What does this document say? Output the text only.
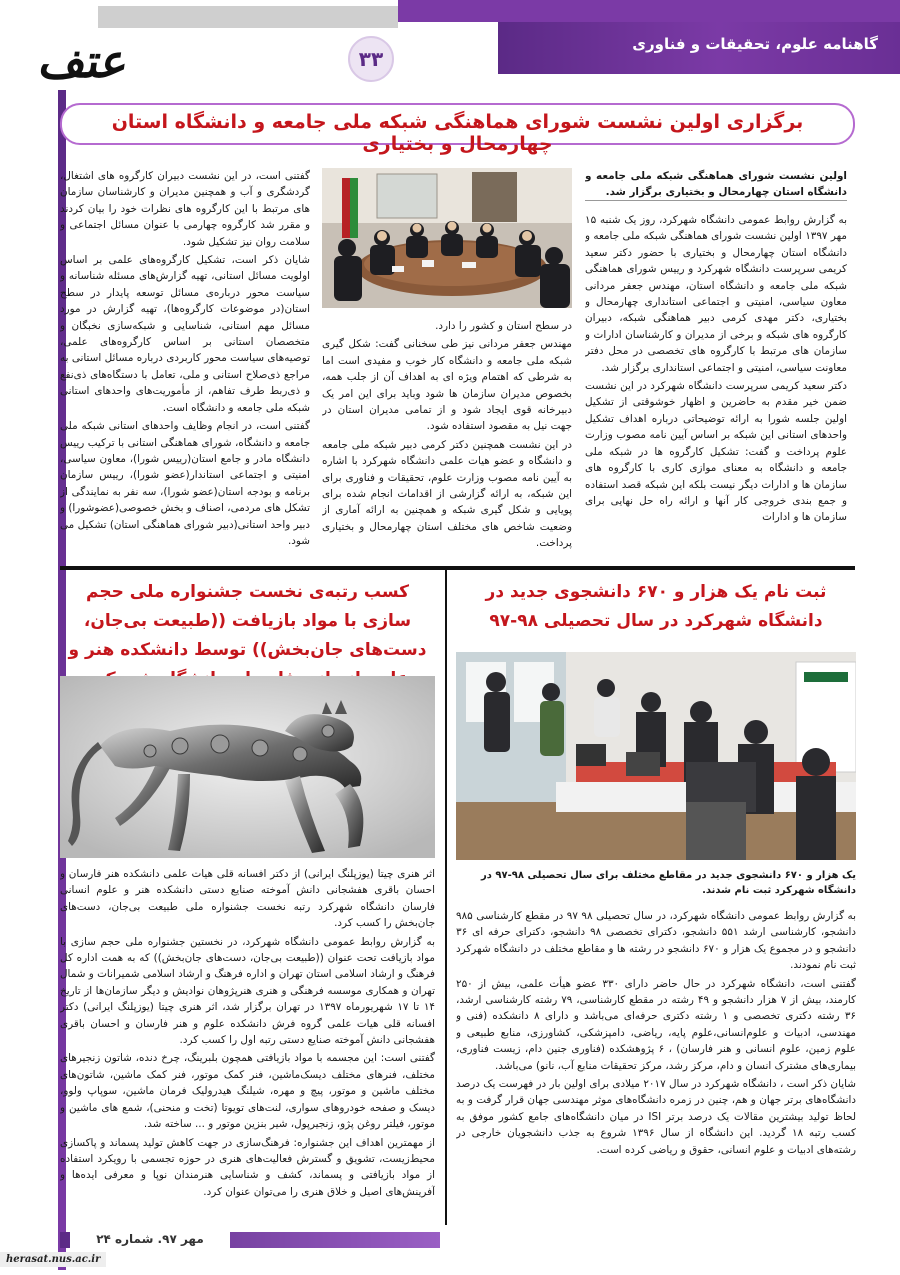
گاهنامه علوم، تحقیقات و فناوری
۳۳
عتف
برگزاری اولین نشست شورای هماهنگی شبکه ملی جامعه و دانشگاه استان چهارمحال و بختیاری
اولین نشست شورای هماهنگی شبکه ملی جامعه و دانشگاه استان چهارمحال و بختیاری برگزار شد.

به گزارش روابط عمومی دانشگاه شهرکرد، روز یک شنبه ۱۵ مهر ۱۳۹۷ اولین نشست شورای هماهنگی شبکه ملی جامعه و دانشگاه استان چهارمحال و بختیاری با حضور دکتر سعید کریمی سرپرست دانشگاه شهرکرد و رییس شورای هماهنگی شبکه ملی جامعه و دانشگاه استان، مهندس جعفر مردانی معاون سیاسی، امنیتی و اجتماعی استانداری چهارمحال و بختیاری، دکتر مهدی کرمی دبیر هماهنگی شبکه، دبیران کارگروه های شبکه و برخی از مدیران و کارشناسان ادارات و سازمان های مرتبط با کارگروه های تخصصی در محل دفتر معاونت سیاسی، امنیتی و اجتماعی استانداری برگزار شد.

دکتر سعید کریمی سرپرست دانشگاه شهرکرد در این نشست ضمن خیر مقدم به حاضرین و اظهار خوشوقتی از تشکیل اولین جلسه شورا به ارائه توضیحاتی درباره اهداف تشکیل واحدهای استانی این شبکه بر اساس آیین نامه مصوب وزارت علوم پرداخت و گفت: تشکیل کارگروه ها در شبکه ملی جامعه و دانشگاه به معنای موازی کاری با کارگروه های سازمان ها و ادارات دیگر نیست بلکه این شبکه قصد استفاده و جمع بندی خروجی کار آنها و ارائه راه حل نهایی برای سازمان ها و ادارات

در سطح استان و کشور را دارد.

مهندس جعفر مردانی نیز طی سخنانی گفت: شکل گیری شبکه ملی جامعه و دانشگاه کار خوب و مفیدی است اما به شرطی که اهتمام ویژه ای به اهداف آن از جلب همه، بخصوص مدیران سازمان ها شود وباید برای این امر یک دبیرخانه قوی ایجاد شود و از تمامی مدیران استان در جهت نیل به مقصود استفاده شود.

در این نشست همچنین دکتر کرمی دبیر شبکه ملی جامعه و دانشگاه و عضو هیات علمی دانشگاه شهرکرد با اشاره به آیین نامه مصوب وزارت علوم، تحقیقات و فناوری برای این شبکه، به ارائه گزارشی از اقدامات انجام شده برای پویایی و شکل گیری شبکه و همچنین به ارائه آماری از وضعیت شاخص های مختلف استان چهارمحال و بختیاری پرداخت.

گفتنی است، در این نشست دبیران کارگروه های اشتغال، گردشگری و آب و همچنین مدیران و کارشناسان سازمان های مرتبط با این کارگروه های نظرات خود را بیان کردند و مقرر شد کارگروه چهارمی با عنوان مسائل اجتماعی و سلامت روان نیز تشکیل شود.

شایان ذکر است، تشکیل کارگروه‌های علمی بر اساس اولویت مسائل استانی، تهیه گزارش‌های مسئله شناسانه و سیاست محور درباره‌ی مسائل توسعه پایدار در سطح استان(در موضوعات کارگروه‌ها)، تهیه گزارش در مورد مسائل مهم استانی، شناسایی و شبکه‌سازی نخبگان و متخصصان استانی بر اساس کارگروه‌های علمی، توصیه‌های سیاست محور کاربردی درباره مسائل استانی به مراجع ذی‌صلاح استانی و ملی، تعامل با دستگاه‌های ذی‌نفع و ذی‌ربط طرف تفاهم، از مأموریت‌های واحدهای استانی شبکه ملی جامعه و دانشگاه است.

گفتنی است، در انجام وظایف واحدهای استانی شبکه ملی جامعه و دانشگاه، شورای هماهنگی استانی با ترکیب رییس دانشگاه مادر و جامع استان(رییس شورا)، معاون سیاسی، امنیتی و اجتماعی استاندار(عضو شورا)، رییس سازمان برنامه و بودجه استان(عضو شورا)، سه نفر به نمایندگی از تشکل های مردمی، اصناف و بخش خصوصی(عضوشورا) و دبیر واحد استانی(دبیر شورای هماهنگی استان) تشکیل می شود.

ثبت نام یک هزار و ۶۷۰ دانشجوی جدید در دانشگاه شهرکرد در سال تحصیلی ۹۸-۹۷
یک هزار و ۶۷۰ دانشجوی جدید در مقاطع مختلف برای سال تحصیلی ۹۸-۹۷ در دانشگاه شهرکرد ثبت نام شدند.

به گزارش روابط عمومی دانشگاه شهرکرد، در سال تحصیلی ۹۸ ۹۷ در مقطع کارشناسی ۹۸۵ دانشجو، کارشناسی ارشد ۵۵۱ دانشجو، دکترای تخصصی ۹۸ دانشجو، دکترای حرفه ای ۳۶ دانشجو و در مجموع یک هزار و ۶۷۰ دانشجو در رشته ها و مقاطع مختلف در دانشگاه شهرکرد ثبت نام نمودند.

گفتنی است، دانشگاه شهرکرد در حال حاضر دارای ۳۳۰ عضو هیأت علمی، بیش از ۲۵۰ کارمند، بیش از ۷ هزار دانشجو و ۴۹ رشته در مقطع کارشناسی، ۷۹ رشته کارشناسی ارشد، ۳۶ رشته دکتری تخصصی و ۱ رشته دکتری حرفه‌ای می‌باشد و دارای ۸ دانشکده (فنی و مهندسی، ادبیات و علوم‌انسانی،علوم پایه، ریاضی، دامپزشکی، کشاورزی، منابع طبیعی و علوم زمین، علوم انسانی و هنر فارسان) ، ۶ پژوهشکده (فناوری جنین دام، زیست فناوری، بیماری‌های مشترک انسان و دام، مرکز رشد، مرکز تحقیقات منابع آب، نانو) می‌باشد.

شایان ذکر است ، دانشگاه شهرکرد در سال ۲۰۱۷ میلادی برای اولین بار در فهرست یک درصد دانشگاه‌های برتر جهان و هم، چنین در زمره دانشگاه‌های موثر مهندسی جهان قرار گرفت و به لحاظ تولید بیشترین مقالات یک درصد برتر ISI در میان دانشگاه‌های جامع کشور موفق به کسب رتبه ۱۸ گردید. این دانشگاه از سال ۱۳۹۶ شروع به جذب دانشجویان خارجی در رشته‌های ادبیات و علوم انسانی، حقوق و ریاضی کرده است.

کسب رتبه‌ی نخست جشنواره ملی حجم سازی با مواد بازیافت ((طبیعت بی‌جان، دست‌های جان‌بخش)) توسط دانشکده هنر و

اثر هنری چیتا (یوزپلنگ ایرانی) از دکتر افسانه قلی هیات علمی دانشکده هنر فارسان و احسان باقری هفشجانی دانش آموخته صنایع دستی دانشکده هنر و علوم انسانی فارسان دانشگاه شهرکرد رتبه نخست جشنواره ملی طبیعت بی‌جان، دست‌های جان‌بخش را کسب کرد.

به گزارش روابط عمومی دانشگاه شهرکرد، در نخستین جشنواره ملی حجم سازی با مواد بازیافت تحت عنوان ((طبیعت بی‌جان، دست‌های جان‌بخش)) که به همت اداره کل فرهنگ و ارشاد اسلامی استان تهران و اداره فرهنگ و ارشاد اسلامی شمیرانات و شمال تهران و همکاری موسسه فرهنگی و هنری هنرپژوهان نوادیش و دیگر سازمان‌ها از تاریخ ۱۴ تا ۱۷ شهریورماه ۱۳۹۷ در تهران برگزار شد، اثر هنری چیتا (یوزپلنگ ایرانی) دکتر افسانه قلی هیات علمی گروه فرش دانشکده علوم و هنر فارسان و احسان باقری هفشجانی دانش آموخته صنایع دستی رتبه اول را کسب کرد.

گفتنی است: این مجسمه با مواد بازیافتی همچون بلبرینگ، چرخ دنده، شاتون زنجیرهای مختلف، فنرهای مختلف دیسک‌ماشین، فنر کمک موتور، فنر کمک ماشین، شاتون‌های مختلف ماشین و موتور، پیچ و مهره، شیلنگ هیدرولیک فرمان ماشین، سوپاپ ولوو، دیسک و صفحه خودروهای سواری، لنت‌های تویوتا (تخت و منحنی)، شمع های ماشین و موتور، فیلتر روغن پژو، زنجیرپول، شیر بنزین موتور و ... ساخته شد.

از مهمترین اهداف این جشنواره: فرهنگ‌سازی در جهت کاهش تولید پسماند و پاکسازی محیط‌زیست، تشویق و گسترش فعالیت‌های هنری در حوزه تجسمی با رویکرد استفاده از مواد بازیافتی و پسماند، کشف و شناسایی هنرمندان نوپا و معرفی ایده‌ها و آفرینش‌های اصیل و خلاق هنری را می‌توان عنوان کرد.

مهر ۹۷. شماره ۲۴
herasat.nus.ac.ir
